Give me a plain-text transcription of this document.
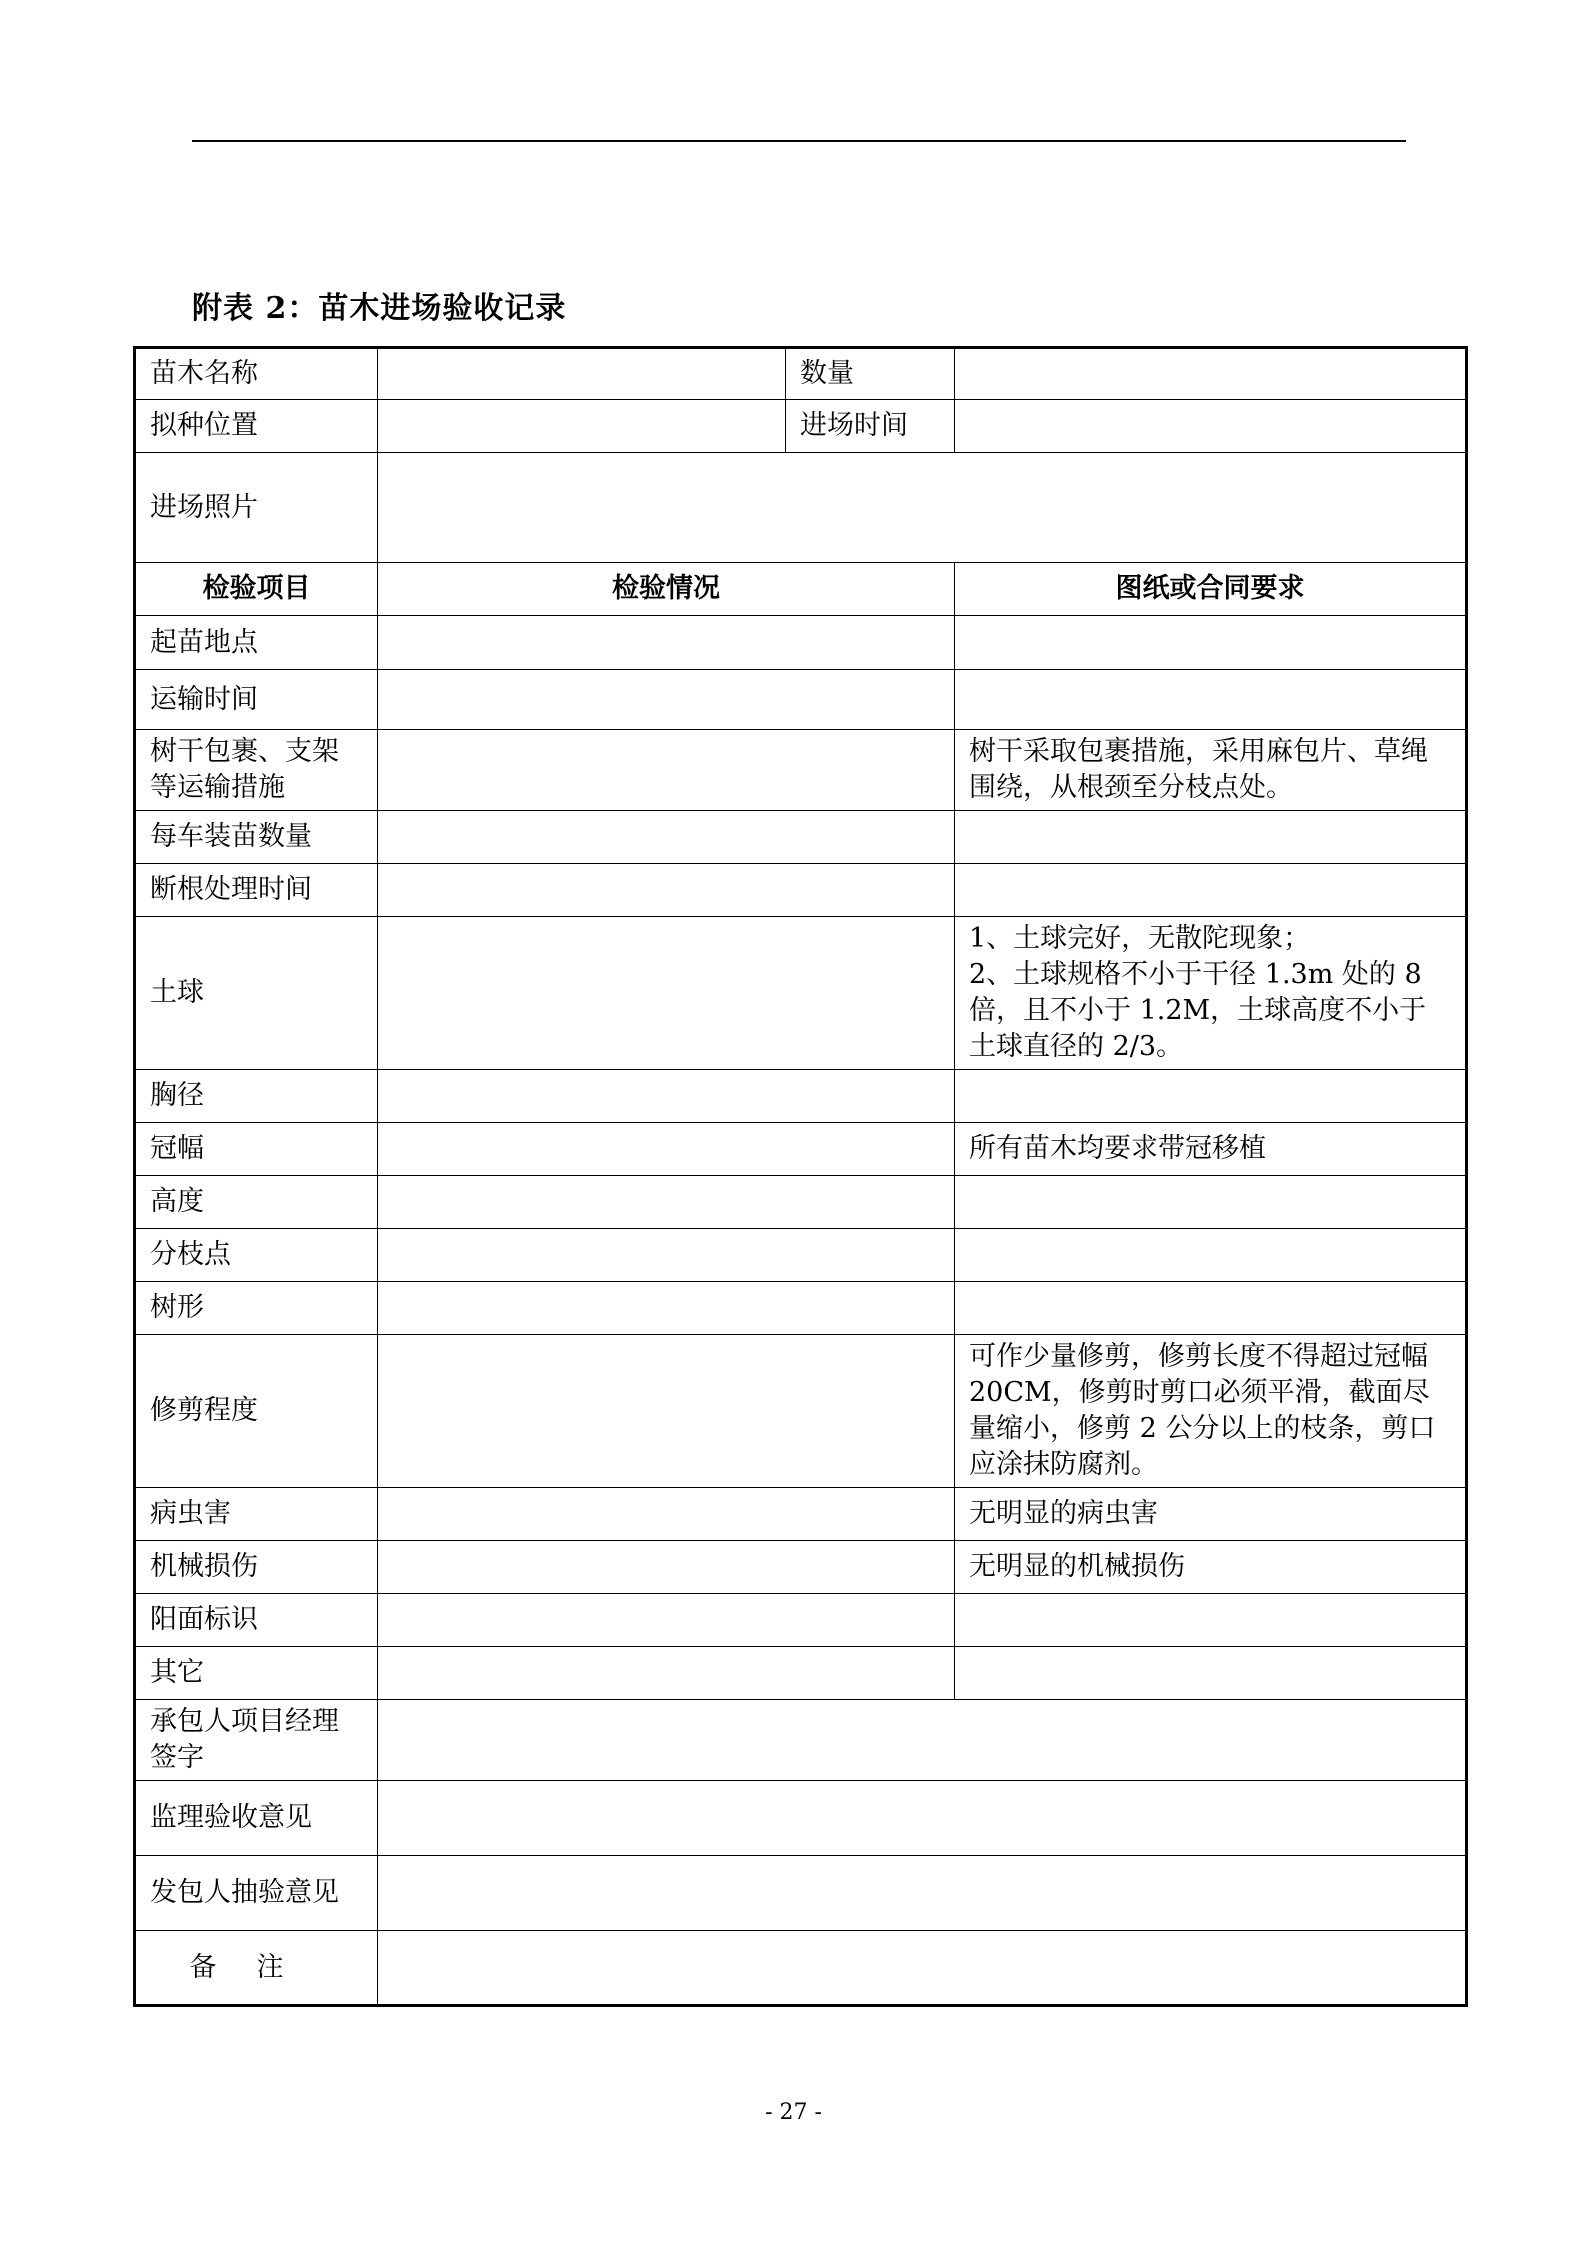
附表 2：苗木进场验收记录
苗木名称		数量	
拟种位置		进场时间	
进场照片			
检验项目	检验情况		图纸或合同要求
起苗地点			
运输时间			
树干包裹、支架等运输措施			树干采取包裹措施，采用麻包片、草绳围绕，从根颈至分枝点处。
每车装苗数量			
断根处理时间			
土球			1、土球完好，无散陀现象；
2、土球规格不小于干径 1.3m 处的 8 倍，且不小于 1.2M，土球高度不小于土球直径的 2/3。

胸径			
冠幅			所有苗木均要求带冠移植
高度			
分枝点			
树形			
修剪程度			可作少量修剪，修剪长度不得超过冠幅 20CM，修剪时剪口必须平滑，截面尽量缩小，修剪 2 公分以上的枝条，剪口应涂抹防腐剂。
病虫害			无明显的病虫害
机械损伤			无明显的机械损伤
阳面标识			
其它			
承包人项目经理签字			
监理验收意见			
发包人抽验意见			
备注			
- 27 -
